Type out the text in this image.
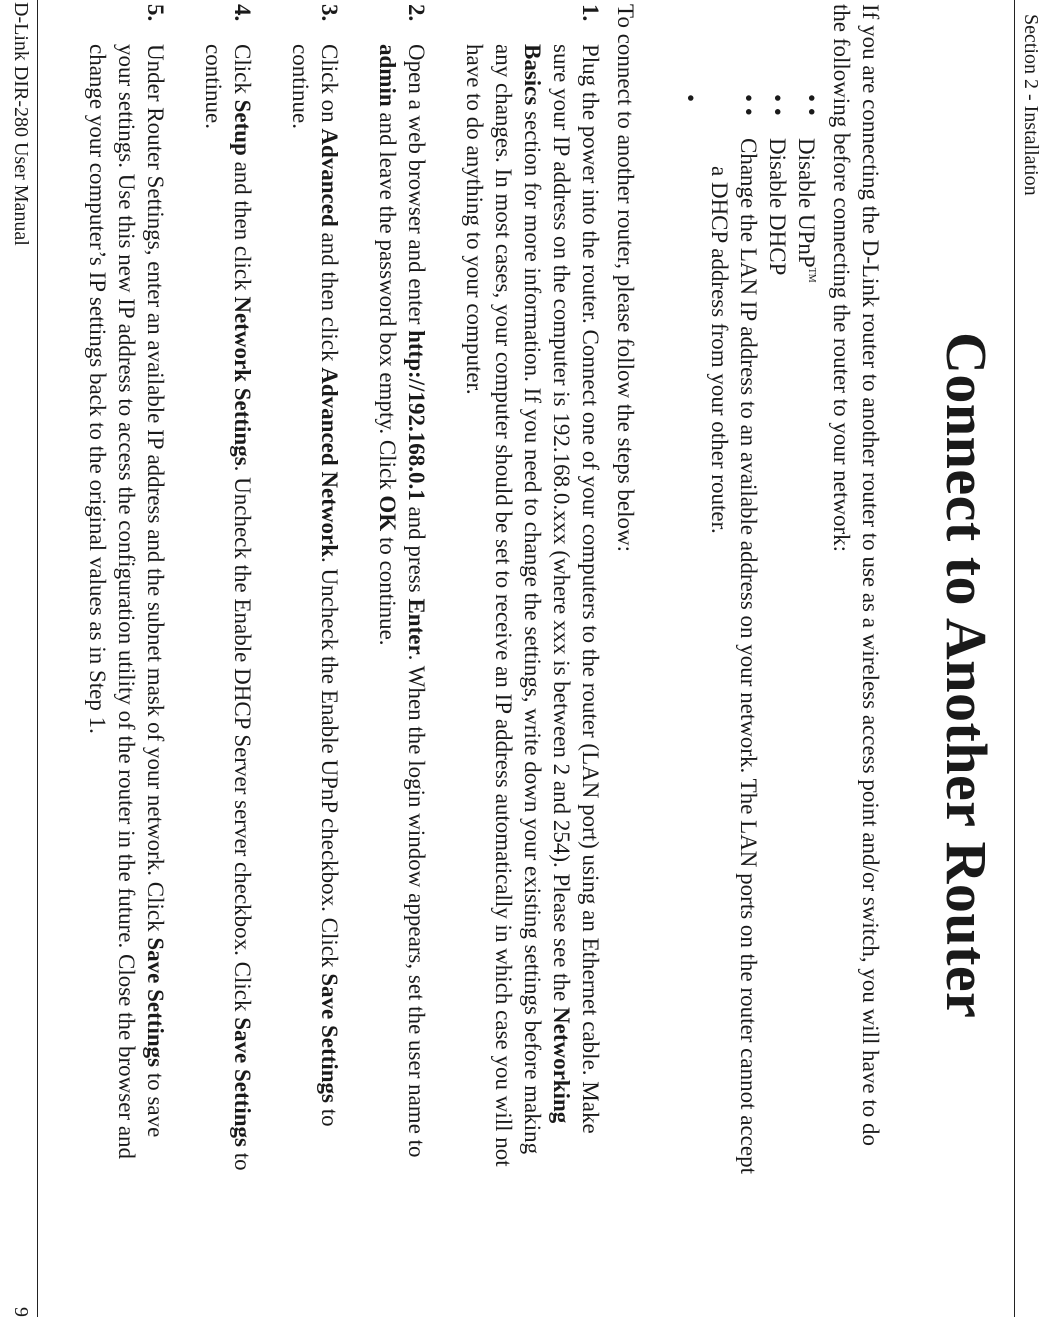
Section 2 - Installation
Connect to Another Router

If you are connecting the D-Link router to another router to use as a wireless access point and/or switch, you will have to do the following before connecting the router to your network:

• •
Disable UPnP™
• •
Disable DHCP
• •
Change the LAN IP address to an available address on your network. The LAN ports on the router cannot accept
a DHCP address from your other router.
•

To connect to another router, please follow the steps below:

1.
Plug the power into the router. Connect one of your computers to the router (LAN port) using an Ethernet cable. Make sure your IP address on the computer is 192.168.0.xxx (where xxx is between 2 and 254). Please see the Networking Basics section for more information. If you need to change the settings, write down your existing settings before making any changes. In most cases, your computer should be set to receive an IP address automatically in which case you will not have to do anything to your computer.
2.
Open a web browser and enter http://192.168.0.1 and press Enter. When the login window appears, set the user name to admin and leave the password box empty. Click OK to continue.
3.
Click on Advanced and then click Advanced Network. Uncheck the Enable UPnP checkbox. Click Save Settings to continue.
4.
Click Setup and then click Network Settings. Uncheck the Enable DHCP Server server checkbox. Click Save Settings to continue.
5.
Under Router Settings, enter an available IP address and the subnet mask of your network. Click Save Settings to save your settings. Use this new IP address to access the configuration utility of the router in the future. Close the browser and change your computer’s IP settings back to the original values as in Step 1.
D-Link DIR-280 User Manual
9
